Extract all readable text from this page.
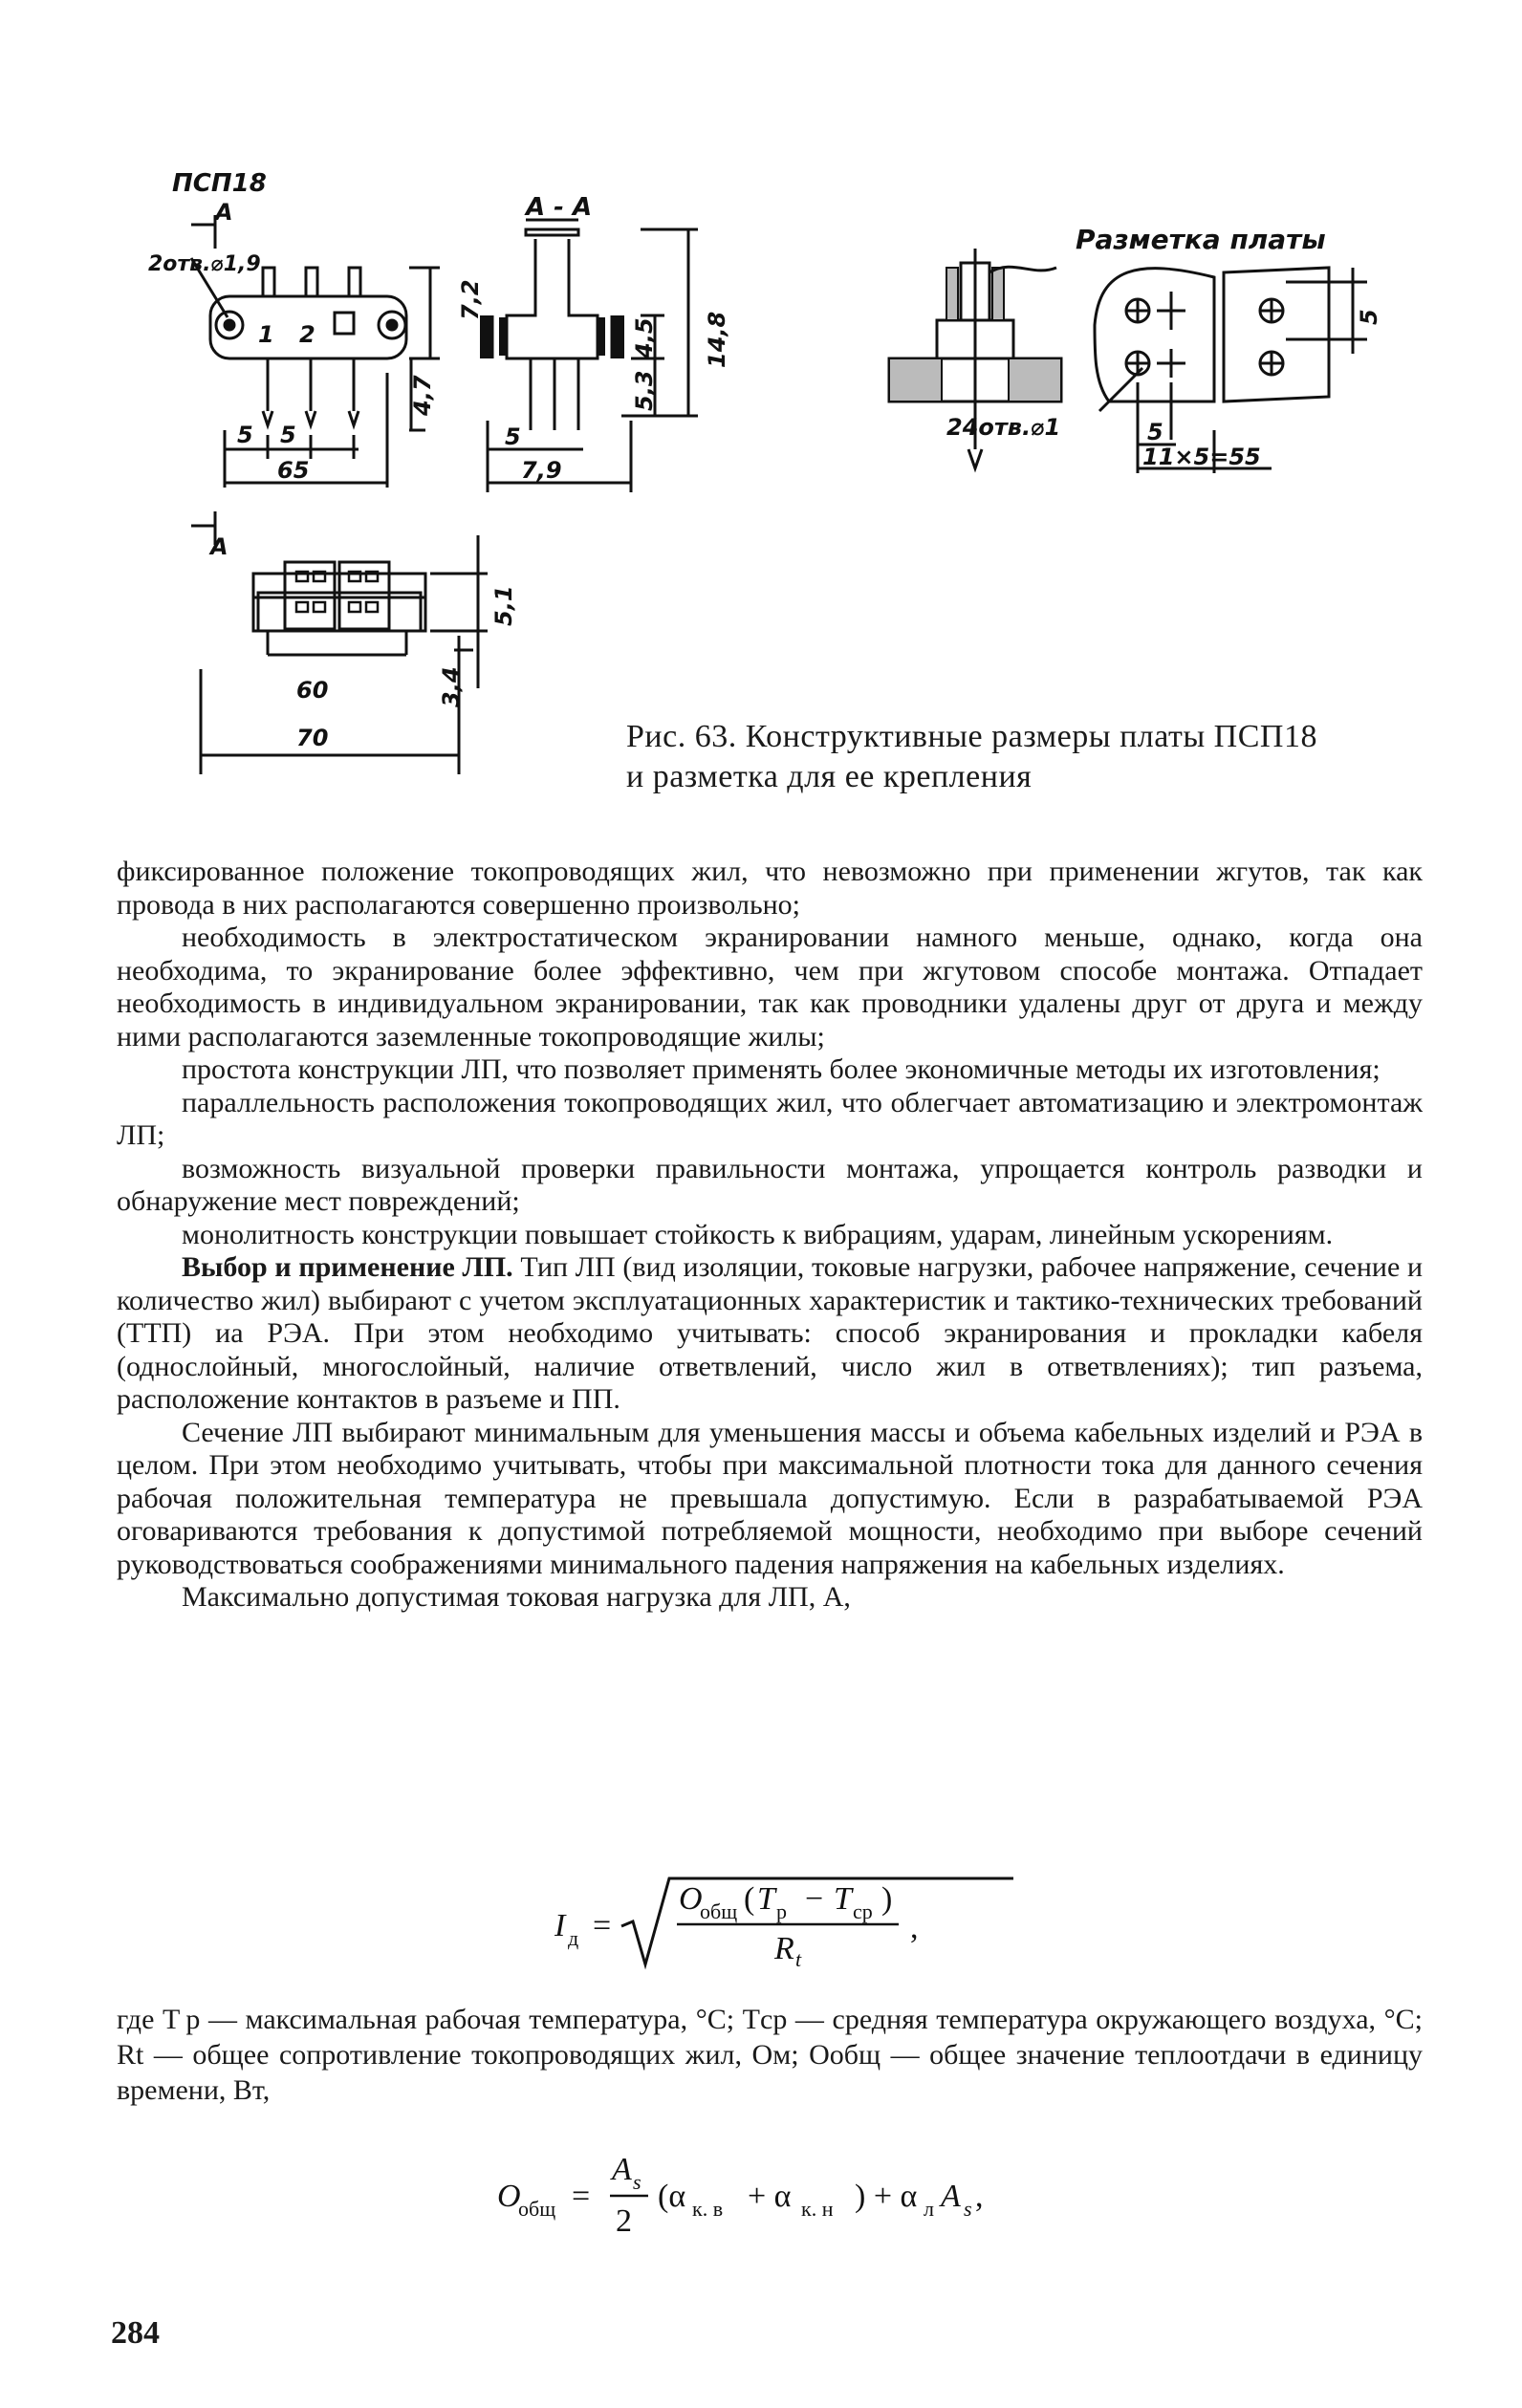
ПСП18
A
2отв.⌀1,9
1 2
7,2
4,7
5 5
65
A
A - A
4,5 14,8
5,3
5
7,9
Разметка платы
24отв.⌀1	5
11×5=55
5
5,1
3,4
60
70	Рис. 63. Конструктивные размеры платы ПСП18
и разметка для ее крепления

фиксированное положение токопроводящих жил, что невозможно при применении жгутов, так как провода в них располагаются совершенно произвольно;

необходимость в электростатическом экранировании намного меньше, однако, когда она необходима, то экранирование более эффективно, чем при жгутовом способе монтажа. Отпадает необходимость в индивидуальном экранировании, так как проводники удалены друг от друга и между ними располагаются заземленные токопроводящие жилы;

простота конструкции ЛП, что позволяет применять более экономичные методы их изготовления;

параллельность расположения токопроводящих жил, что облегчает автоматизацию и электромонтаж ЛП;

возможность визуальной проверки правильности монтажа, упрощается контроль разводки и обнаружение мест повреждений;

монолитность конструкции повышает стойкость к вибрациям, ударам, линейным ускорениям.

Выбор и применение ЛП. Тип ЛП (вид изоляции, токовые нагрузки, рабочее напряжение, сечение и количество жил) выбирают с учетом эксплуатационных характеристик и тактико-технических требований (ТТП) иа РЭА. При этом необходимо учитывать: способ экранирования и прокладки кабеля (однослойный, многослойный, наличие ответвлений, число жил в ответвлениях); тип разъема, расположение контактов в разъеме и ПП.

Сечение ЛП выбирают минимальным для уменьшения массы и объема кабельных изделий и РЭА в целом. При этом необходимо учитывать, чтобы при максимальной плотности тока для данного сечения рабочая положительная температура не превышала допустимую. Если в разрабатываемой РЭА оговариваются требования к допустимой потребляемой мощности, необходимо при выборе сечений руководствоваться соображениями минимального падения напряжения на кабельных изделиях.

Максимально допустимая токовая нагрузка для ЛП, А,

I д =
O
общ ( T р − T ср )
R t
,

где T р — максимальная рабочая температура, °С; Tср — средняя температура окружающего воздуха, °С; Rt — общее сопротивление токопроводящих жил, Ом; Oобщ — общее значение теплоотдачи в единицу времени, Вт,

O
общ =
A s
2
(α к. в + α к. н ) + α л A s ,
284
